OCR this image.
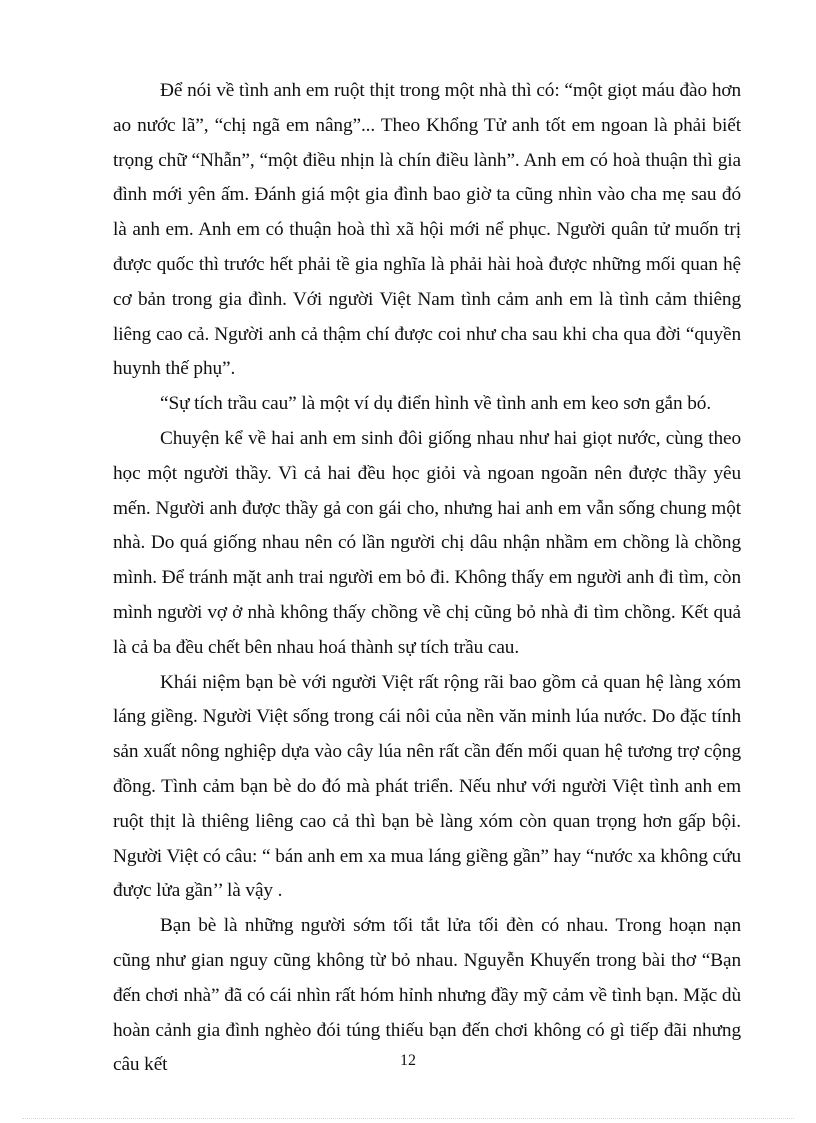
Để nói về tình anh em ruột thịt trong một nhà thì có: “một giọt máu đào hơn ao nước lã”, “chị ngã em nâng”... Theo Khổng Tử anh tốt em ngoan là phải biết trọng chữ “Nhẫn”, “một điều nhịn là chín điều lành”. Anh em có hoà thuận thì gia đình mới yên ấm. Đánh giá một gia đình bao giờ ta cũng nhìn vào cha mẹ sau đó là anh em. Anh em có thuận hoà thì xã hội mới nể phục. Người quân tử muốn trị được quốc thì trước hết phải tề gia nghĩa là phải hài hoà được những mối quan hệ cơ bản trong gia đình. Với người Việt Nam tình cảm anh em là tình cảm thiêng liêng cao cả. Người anh cả thậm chí được coi như cha sau khi cha qua đời “quyền huynh thế phụ”.

“Sự tích trầu cau” là một ví dụ điển hình về tình anh em keo sơn gắn bó.

Chuyện kể về hai anh em sinh đôi giống nhau như hai giọt nước, cùng theo học một người thầy. Vì cả hai đều học giỏi và ngoan ngoãn nên được thầy yêu mến. Người anh được thầy gả con gái cho, nhưng hai anh em vẫn sống chung một nhà. Do quá giống nhau nên có lần người chị dâu nhận nhầm em chồng là chồng mình. Để tránh mặt anh trai người em bỏ đi. Không thấy em người anh đi tìm, còn mình người vợ ở nhà không thấy chồng về chị cũng bỏ nhà đi tìm chồng. Kết quả là cả ba đều chết bên nhau hoá thành sự tích trầu cau.

Khái niệm bạn bè với người Việt rất rộng rãi bao gồm cả quan hệ làng xóm láng giềng. Người Việt sống trong cái nôi của nền văn minh lúa nước. Do đặc tính sản xuất nông nghiệp dựa vào cây lúa nên rất cần đến mối quan hệ tương trợ cộng đồng. Tình cảm bạn bè do đó mà phát triển. Nếu như với người Việt tình anh em ruột thịt là thiêng liêng cao cả thì bạn bè làng xóm còn quan trọng hơn gấp bội. Người Việt có câu: “ bán anh em xa mua láng giềng gần” hay “nước xa không cứu được lửa gần’’ là vậy .

Bạn bè là những người sớm tối tắt lửa tối đèn có nhau. Trong hoạn nạn cũng như gian nguy cũng không từ bỏ nhau. Nguyễn Khuyến trong bài thơ “Bạn đến chơi nhà” đã có cái nhìn rất hóm hỉnh nhưng đầy mỹ cảm về tình bạn. Mặc dù hoàn cảnh gia đình nghèo đói túng thiếu bạn đến chơi không có gì tiếp đãi nhưng câu kết	12
